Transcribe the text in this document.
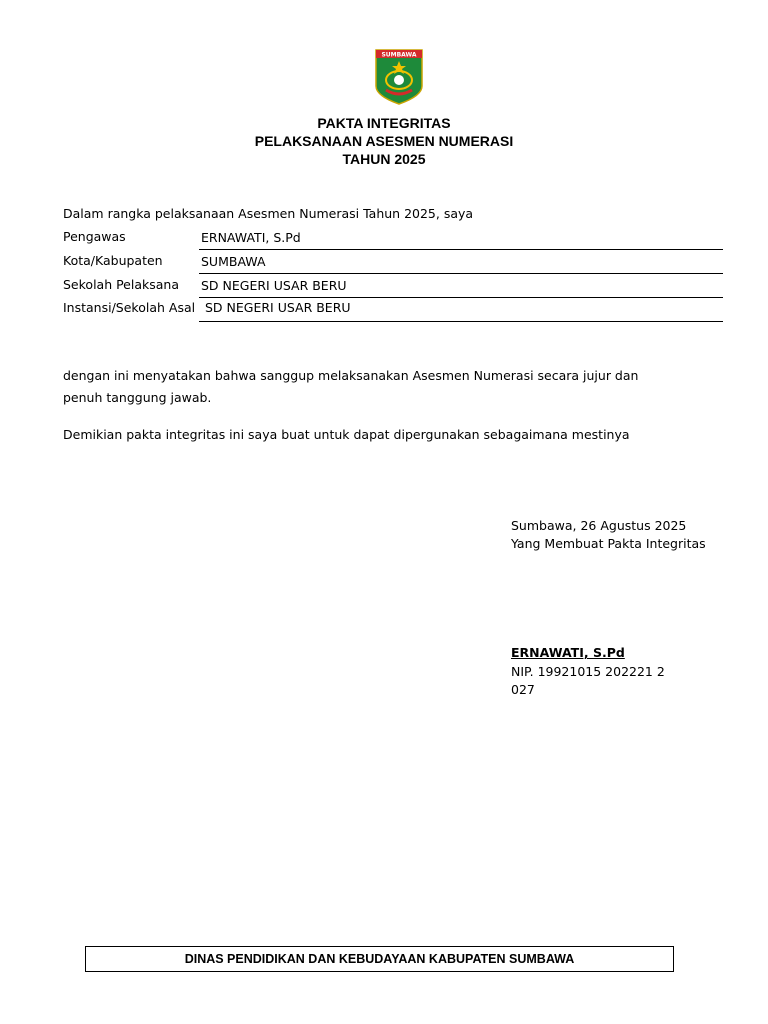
SUMBAWA
PAKTA INTEGRITAS
PELAKSANAAN ASESMEN NUMERASI
TAHUN 2025
Dalam rangka pelaksanaan Asesmen Numerasi Tahun 2025, saya
Pengawas	ERNAWATI, S.Pd
Kota/Kabupaten	SUMBAWA
Sekolah Pelaksana SD NEGERI USAR BERU
Instansi/Sekolah Asal SD NEGERI USAR BERU
dengan ini menyatakan bahwa sanggup melaksanakan Asesmen Numerasi secara jujur dan
penuh tanggung jawab.
Demikian pakta integritas ini saya buat untuk dapat dipergunakan sebagaimana mestinya
Sumbawa, 26 Agustus 2025
Yang Membuat Pakta Integritas
ERNAWATI, S.Pd
NIP. 19921015 202221 2
027
DINAS PENDIDIKAN DAN KEBUDAYAAN KABUPATEN SUMBAWA
